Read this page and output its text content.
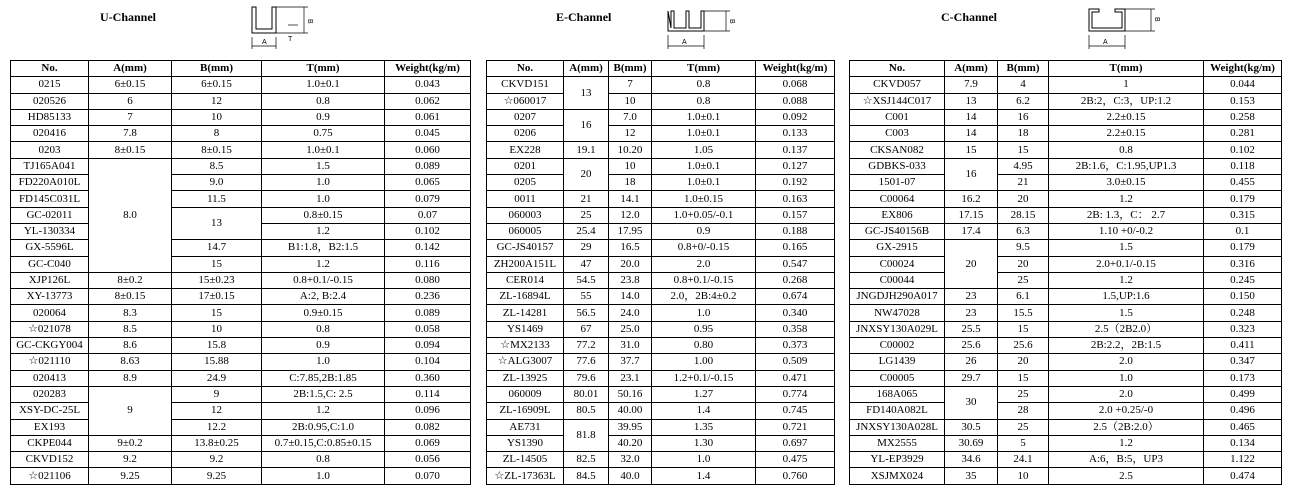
U-Channel
A	T
B
No.	A(mm)	B(mm)	T(mm)	Weight(kg/m)
0215	6±0.15	6±0.15	1.0±0.1	0.043
020526	6	12	0.8	0.062
HD85133	7	10	0.9	0.061
020416	7.8	8	0.75	0.045
0203	8±0.15	8±0.15	1.0±0.1	0.060
TJ165A041	8.0	8.5	1.5	0.089
FD220A010L		9.0	1.0	0.065
FD145C031L		11.5	1.0	0.079
GC-02011		13	0.8±0.15	0.07
YL-130334			1.2	0.102
GX-5596L		14.7	B1:1.8，B2:1.5	0.142
GC-C040		15	1.2	0.116
XJP126L	8±0.2	15±0.23	0.8+0.1/-0.15	0.080
XY-13773	8±0.15	17±0.15	A:2, B:2.4	0.236
020064	8.3	15	0.9±0.15	0.089
☆021078	8.5	10	0.8	0.058
GC-CKGY004	8.6	15.8	0.9	0.094
☆021110	8.63	15.88	1.0	0.104
020413	8.9	24.9	C:7.85,2B:1.85	0.360
020283	9	9	2B:1.5,C: 2.5	0.114
XSY-DC-25L		12	1.2	0.096
EX193		12.2	2B:0.95,C:1.0	0.082
CKPE044	9±0.2	13.8±0.25	0.7±0.15,C:0.85±0.15	0.069
CKVD152	9.2	9.2	0.8	0.056
☆021106	9.25	9.25	1.0	0.070
E-Channel
A
B
No.	A(mm)	B(mm)	T(mm)	Weight(kg/m)
CKVD151	13	7	0.8	0.068
☆060017		10	0.8	0.088
0207	16	7.0	1.0±0.1	0.092
0206		12	1.0±0.1	0.133
EX228	19.1	10.20	1.05	0.137
0201	20	10	1.0±0.1	0.127
0205		18	1.0±0.1	0.192
0011	21	14.1	1.0±0.15	0.163
060003	25	12.0	1.0+0.05/-0.1	0.157
060005	25.4	17.95	0.9	0.188
GC-JS40157	29	16.5	0.8+0/-0.15	0.165
ZH200A151L	47	20.0	2.0	0.547
CER014	54.5	23.8	0.8+0.1/-0.15	0.268
ZL-16894L	55	14.0	2.0，2B:4±0.2	0.674
ZL-14281	56.5	24.0	1.0	0.340
YS1469	67	25.0	0.95	0.358
☆MX2133	77.2	31.0	0.80	0.373
☆ALG3007	77.6	37.7	1.00	0.509
ZL-13925	79.6	23.1	1.2+0.1/-0.15	0.471
060009	80.01	50.16	1.27	0.774
ZL-16909L	80.5	40.00	1.4	0.745
AE731	81.8	39.95	1.35	0.721
YS1390		40.20	1.30	0.697
ZL-14505	82.5	32.0	1.0	0.475
☆ZL-17363L	84.5	40.0	1.4	0.760
C-Channel
A
B
No.	A(mm)	B(mm)	T(mm)	Weight(kg/m)
CKVD057	7.9	4	1	0.044
☆XSJ144C017	13	6.2	2B:2，C:3，UP:1.2	0.153
C001	14	16	2.2±0.15	0.258
C003	14	18	2.2±0.15	0.281
CKSAN082	15	15	0.8	0.102
GDBKS-033	16	4.95	2B:1.6，C:1.95,UP1.3	0.118
1501-07		21	3.0±0.15	0.455
C00064	16.2	20	1.2	0.179
EX806	17.15	28.15	2B: 1.3，C： 2.7	0.315
GC-JS40156B	17.4	6.3	1.10 +0/-0.2	0.1
GX-2915	20	9.5	1.5	0.179
C00024		20	2.0+0.1/-0.15	0.316
C00044		25	1.2	0.245
JNGDJH290A017	23	6.1	1.5,UP:1.6	0.150
NW47028	23	15.5	1.5	0.248
JNXSY130A029L	25.5	15	2.5（2B2.0）	0.323
C00002	25.6	25.6	2B:2.2，2B:1.5	0.411
LG1439	26	20	2.0	0.347
C00005	29.7	15	1.0	0.173
168A065	30	25	2.0	0.499
FD140A082L		28	2.0 +0.25/-0	0.496
JNXSY130A028L	30.5	25	2.5（2B:2.0）	0.465
MX2555	30.69	5	1.2	0.134
YL-EP3929	34.6	24.1	A:6，B:5，UP3	1.122
XSJMX024	35	10	2.5	0.474
